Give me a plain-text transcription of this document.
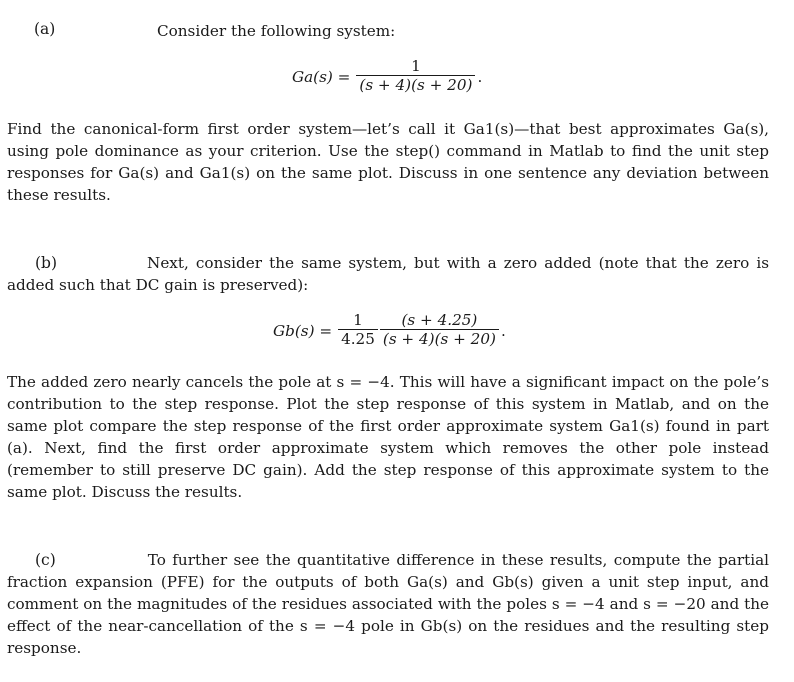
(a)	Consider the following system:
$Ga(s) = \frac{1}{(s + 4)(s + 20)}$ .

Find the canonical-form first order system—let’s call it Ga1(s)—that best approximates Ga(s), using pole dominance as your criterion. Use the step() command in Matlab to find the unit step responses for Ga(s) and Ga1(s) on the same plot. Discuss in one sentence any deviation between these results.

(b)	Next, consider the same system, but with a zero added (note that the zero is added such that DC gain is preserved):

$Gb(s) = \frac{1}{4.25} \frac{(s + 4.25)}{(s + 4)(s + 20)}$ .

The added zero nearly cancels the pole at s = −4. This will have a significant impact on the pole’s contribution to the step response. Plot the step response of this system in Matlab, and on the same plot compare the step response of the first order approximate system Ga1(s) found in part (a). Next, find the first order approximate system which removes the other pole instead (remember to still preserve DC gain). Add the step response of this approximate system to the same plot. Discuss the results.

(c)	To further see the quantitative difference in these results, compute the partial fraction expansion (PFE) for the outputs of both Ga(s) and Gb(s) given a unit step input, and comment on the magnitudes of the residues associated with the poles s = −4 and s = −20 and the effect of the near-cancellation of the s = −4 pole in Gb(s) on the residues and the resulting step response.
